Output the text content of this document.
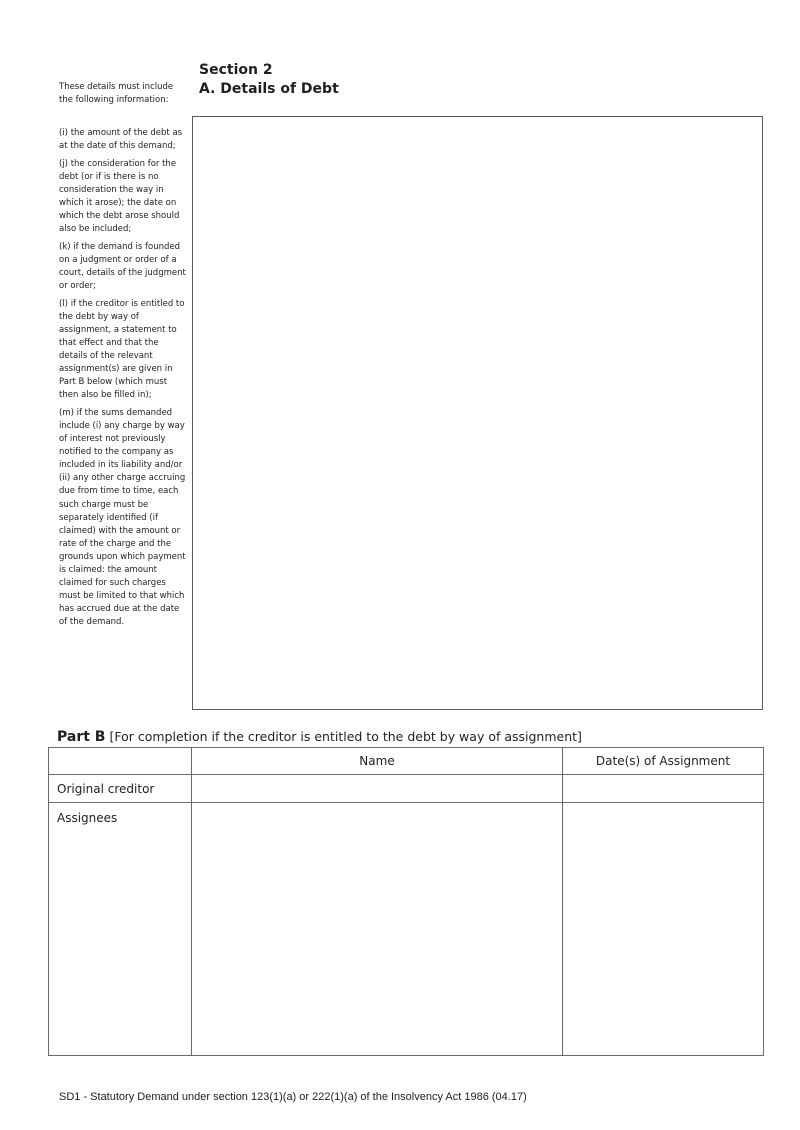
Section 2
A. Details of Debt
These details must include the following information:

(i) the amount of the debt as at the date of this demand;

(j) the consideration for the debt (or if is there is no consideration the way in which it arose); the date on which the debt arose should also be included;

(k) if the demand is founded on a judgment or order of a court, details of the judgment or order;

(l) if the creditor is entitled to the debt by way of assignment, a statement to that effect and that the details of the relevant assignment(s) are given in Part B below (which must then also be filled in);

(m) if the sums demanded include (i) any charge by way of interest not previously notified to the company as included in its liability and/or (ii) any other charge accruing due from time to time, each such charge must be separately identified (if claimed) with the amount or rate of the charge and the grounds upon which payment is claimed: the amount claimed for such charges must be limited to that which has accrued due at the date of the demand.

Part B [For completion if the creditor is entitled to the debt by way of assignment]
	Name	Date(s) of Assignment
Original creditor		
Assignees		
SD1 - Statutory Demand under section 123(1)(a) or 222(1)(a) of the Insolvency Act 1986 (04.17)
